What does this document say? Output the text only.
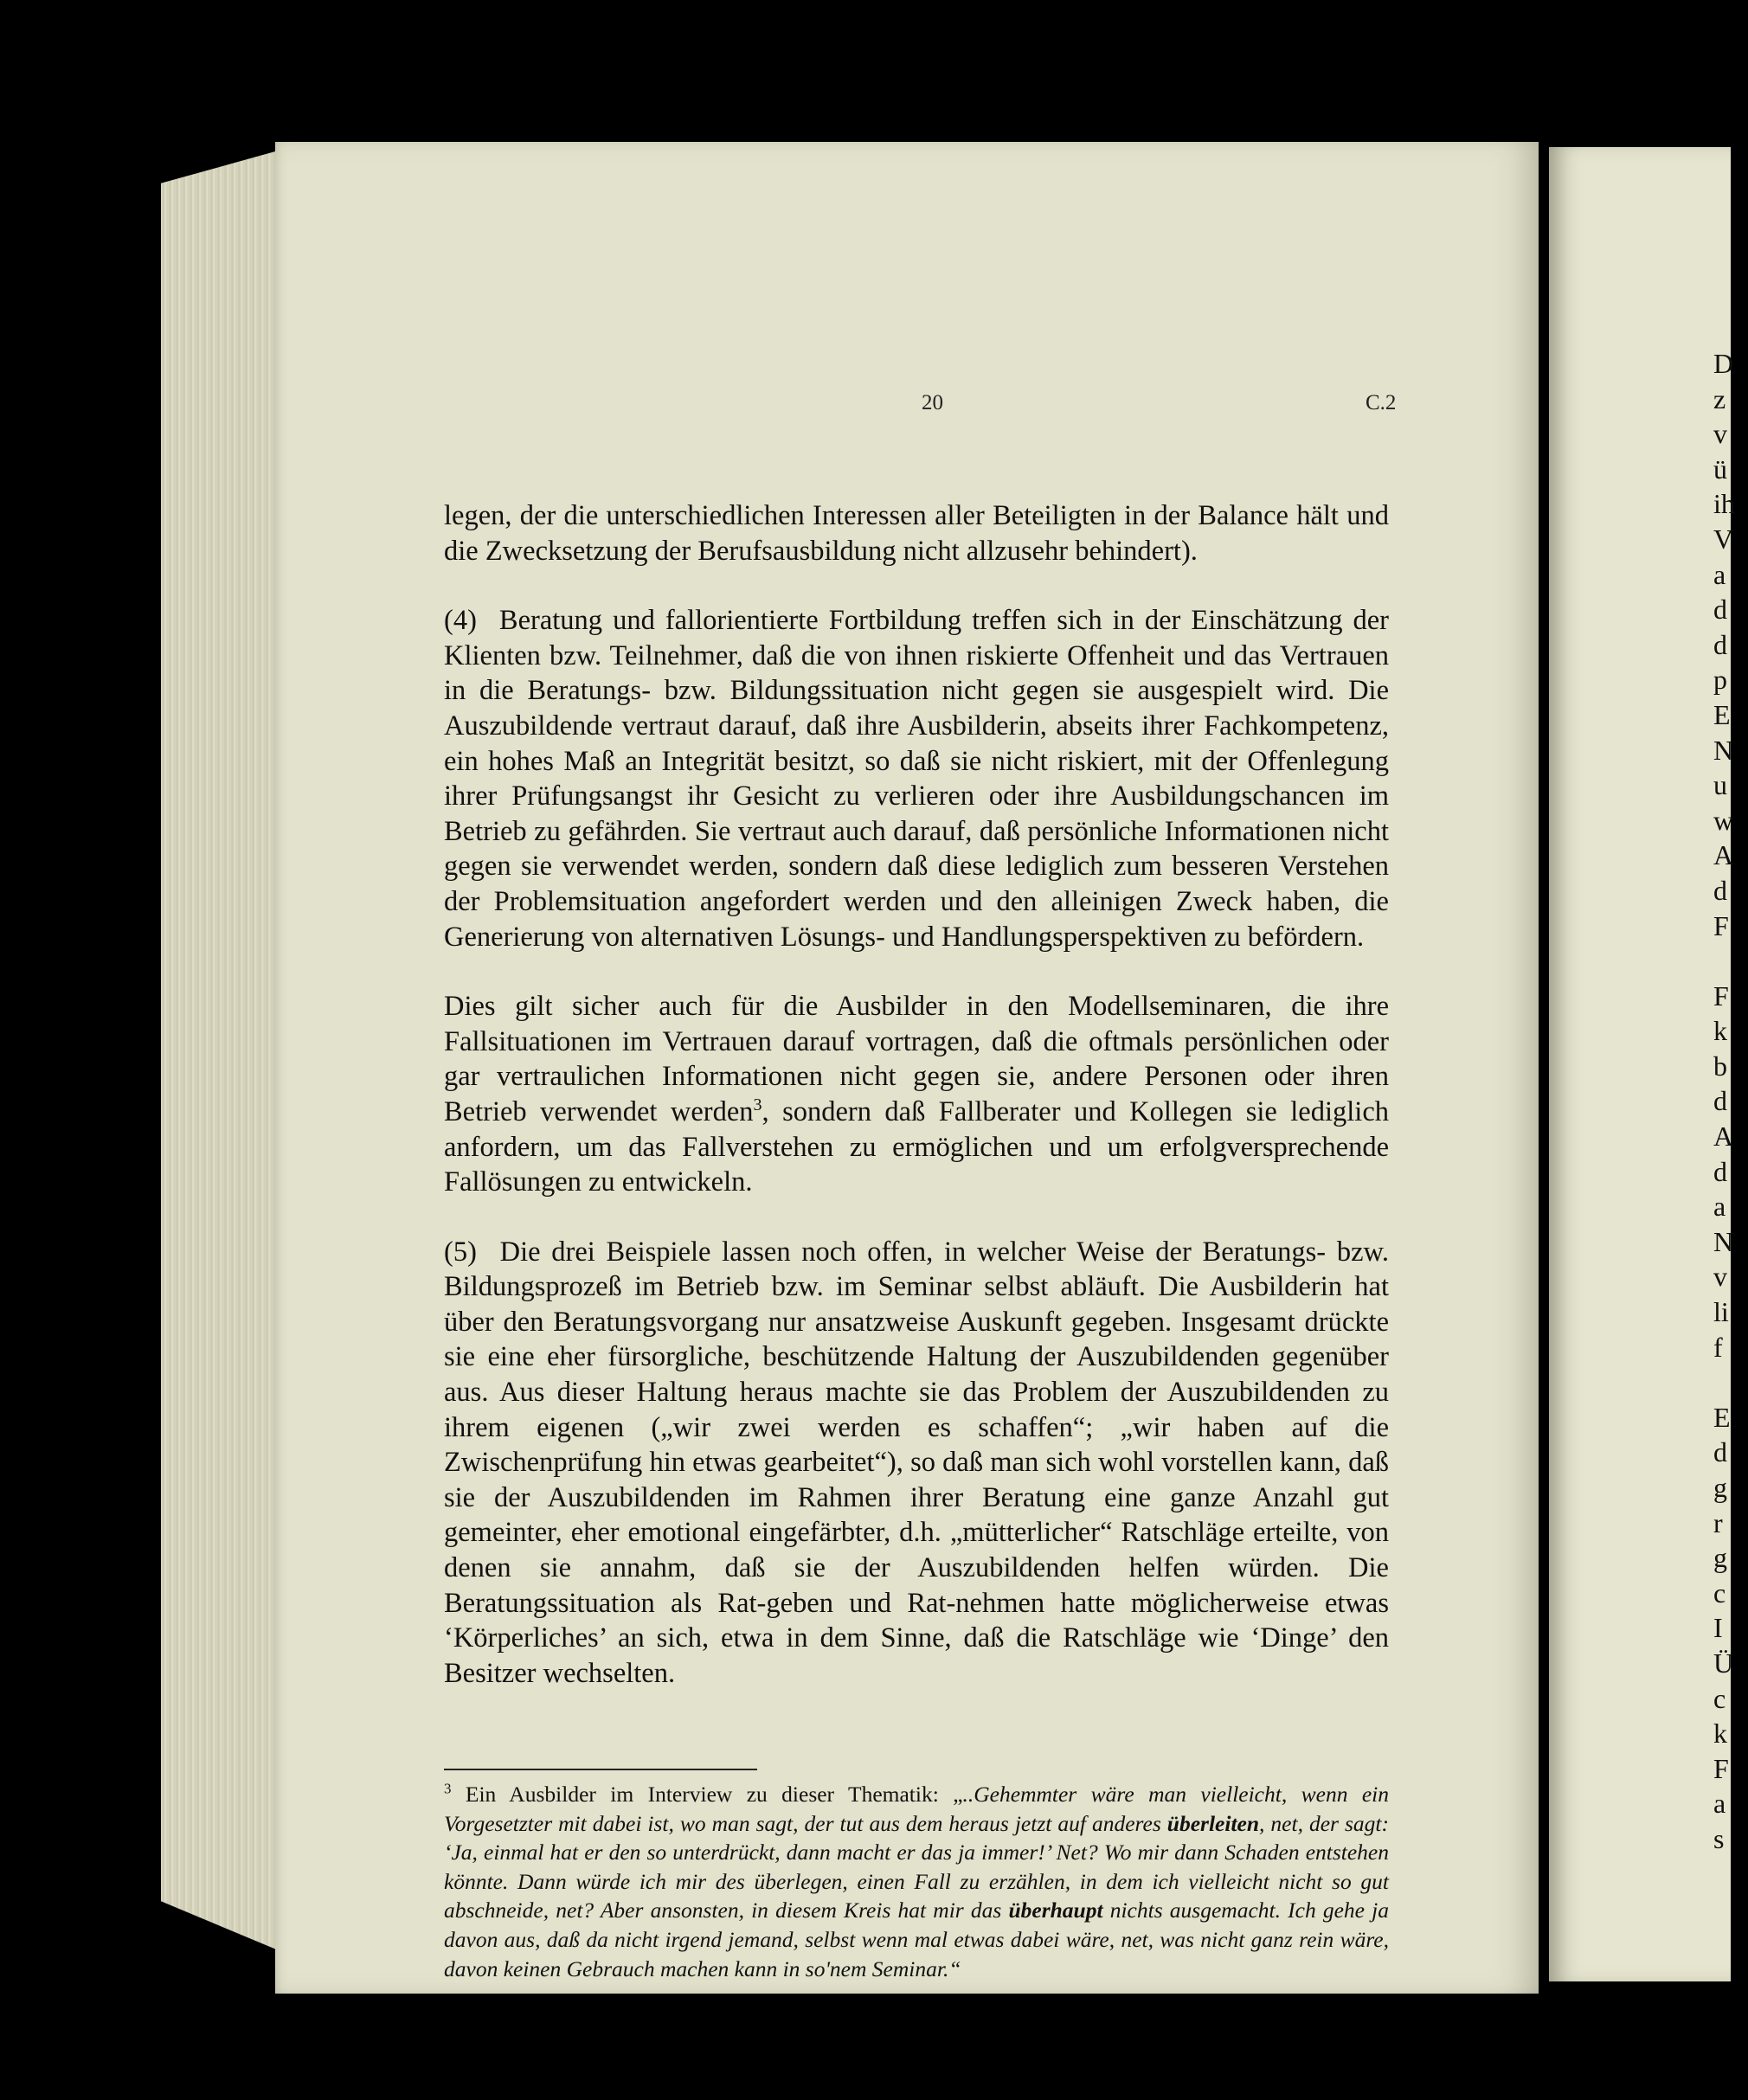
20	C.2

legen, der die unterschiedlichen Interessen aller Beteiligten in der Balance hält und die Zwecksetzung der Berufsausbildung nicht allzusehr behindert).

(4) Beratung und fallorientierte Fortbildung treffen sich in der Einschätzung der Klienten bzw. Teilnehmer, daß die von ihnen riskierte Offenheit und das Vertrauen in die Beratungs- bzw. Bildungssituation nicht gegen sie ausgespielt wird. Die Auszubildende vertraut darauf, daß ihre Ausbilderin, abseits ihrer Fachkompetenz, ein hohes Maß an Integrität besitzt, so daß sie nicht riskiert, mit der Offenlegung ihrer Prüfungsangst ihr Gesicht zu verlieren oder ihre Ausbildungschancen im Betrieb zu gefährden. Sie vertraut auch darauf, daß persönliche Informationen nicht gegen sie verwendet werden, sondern daß diese lediglich zum besseren Verstehen der Problemsituation angefordert werden und den alleinigen Zweck haben, die Generierung von alternativen Lösungs- und Handlungsperspektiven zu befördern.

Dies gilt sicher auch für die Ausbilder in den Modellseminaren, die ihre Fallsituationen im Vertrauen darauf vortragen, daß die oftmals persönlichen oder gar vertraulichen Informationen nicht gegen sie, andere Personen oder ihren Betrieb verwendet werden$^3$, sondern daß Fallberater und Kollegen sie lediglich anfordern, um das Fallverstehen zu ermöglichen und um erfolgversprechende Fallösungen zu entwickeln.

(5) Die drei Beispiele lassen noch offen, in welcher Weise der Beratungs- bzw. Bildungsprozeß im Betrieb bzw. im Seminar selbst abläuft. Die Ausbilderin hat über den Beratungsvorgang nur ansatzweise Auskunft gegeben. Insgesamt drückte sie eine eher fürsorgliche, beschützende Haltung der Auszubildenden gegenüber aus. Aus dieser Haltung heraus machte sie das Problem der Auszubildenden zu ihrem eigenen („wir zwei werden es schaffen“; „wir haben auf die Zwischenprüfung hin etwas gearbeitet“), so daß man sich wohl vorstellen kann, daß sie der Auszubildenden im Rahmen ihrer Beratung eine ganze Anzahl gut gemeinter, eher emotional eingefärbter, d.h. „mütterlicher“ Ratschläge erteilte, von denen sie annahm, daß sie der Auszubildenden helfen würden. Die Beratungssituation als Rat-geben und Rat-nehmen hatte möglicherweise etwas ‘Körperliches’ an sich, etwa in dem Sinne, daß die Ratschläge wie ‘Dinge’ den Besitzer wechselten.

$^3$ Ein Ausbilder im Interview zu dieser Thematik: „..Gehemmter wäre man vielleicht, wenn ein Vorgesetzter mit dabei ist, wo man sagt, der tut aus dem heraus jetzt auf anderes überleiten, net, der sagt: ‘Ja, einmal hat er den so unterdrückt, dann macht er das ja immer!’ Net? Wo mir dann Schaden entstehen könnte. Dann würde ich mir des überlegen, einen Fall zu erzählen, in dem ich vielleicht nicht so gut abschneide, net? Aber ansonsten, in diesem Kreis hat mir das überhaupt nichts ausgemacht. Ich gehe ja davon aus, daß da nicht irgend jemand, selbst wenn mal etwas dabei wäre, net, was nicht ganz rein wäre, davon keinen Gebrauch machen kann in so'nem Seminar.“
D
z
v
ü
ih
V
a
d
d
p
E
N
u
w
A
d
F

F
k
b
d
A
d
a
N
v
li
f

E
d
g
r
g
c
I
Ü
c
k
F
a
s
